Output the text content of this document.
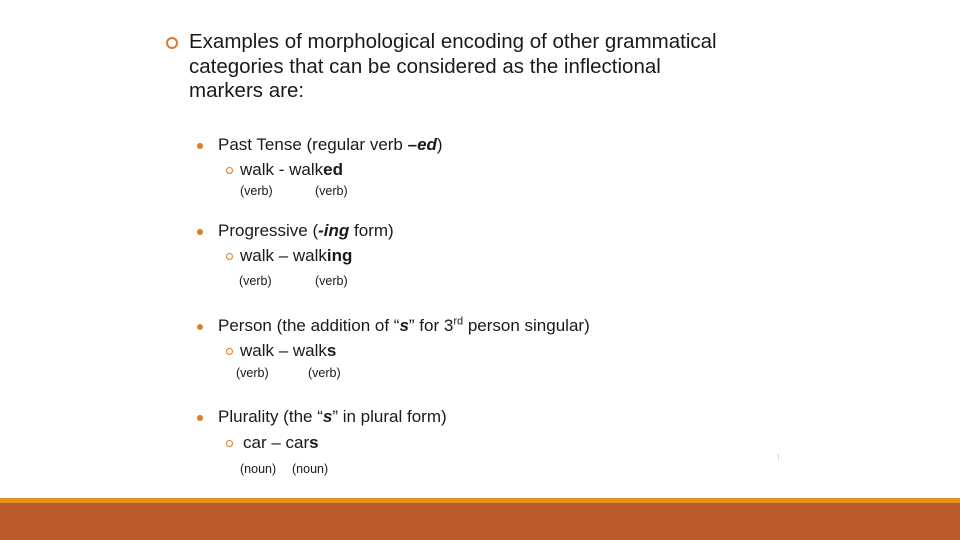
Examples of morphological encoding of other grammatical
categories that can be considered as the inflectional
markers are:
Past Tense (regular verb –ed)
walk - walked
(verb)	(verb)
Progressive (-ing form)
walk – walking
(verb)	(verb)
Person (the addition of “s” for 3rd person singular)
walk – walks
(verb)	(verb)
Plurality (the “s” in plural form)
car – cars
(noun) (noun)
